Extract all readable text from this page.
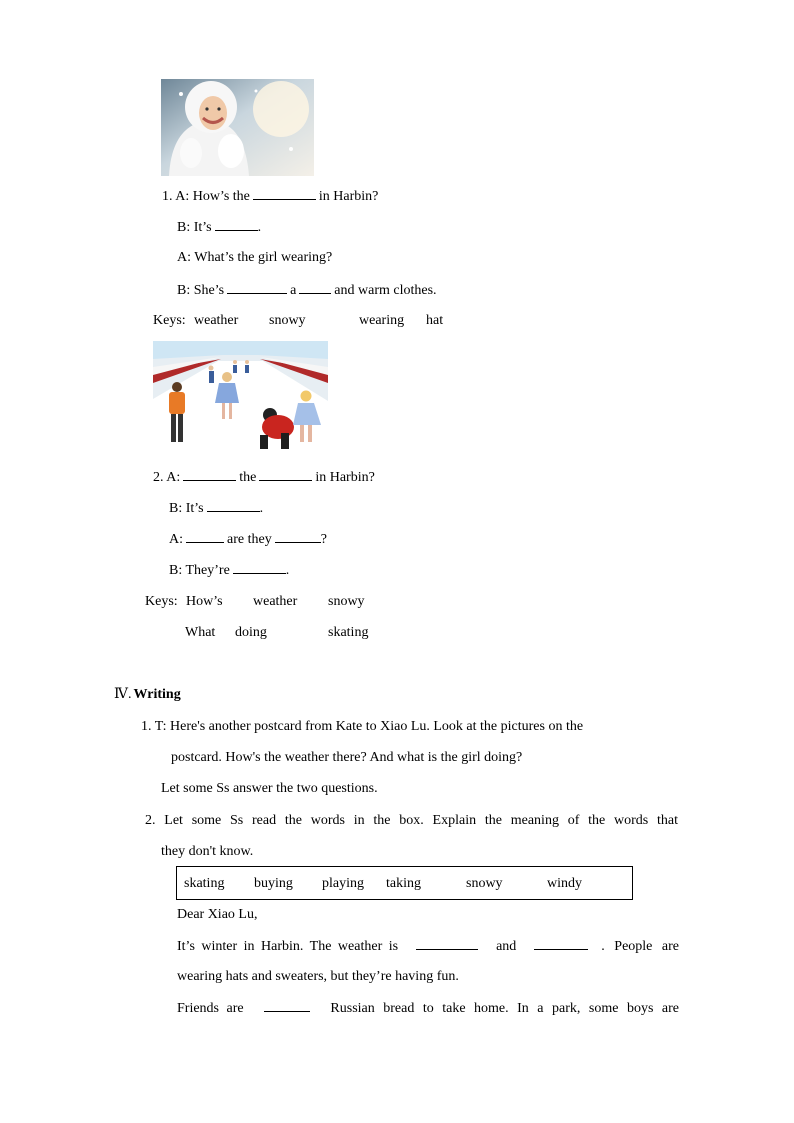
1. A: How’s the	in Harbin?
B: It’s	.
A: What’s the girl wearing?
B: She’s	a	and warm clothes.
Keys: weather snowy	wearing hat
2. A:	the	in Harbin?
B: It’s	.
A:	are they	?
B: They’re	.
Keys: How’s weather snowy
What doing	skating
Ⅳ. Writing
1. T: Here's another postcard from Kate to Xiao Lu. Look at the pictures on the
postcard. How's the weather there? And what is the girl doing?
Let some Ss answer the two questions.
2. Let some Ss read the words in the box. Explain the meaning of the words that
they don't know.
skating buying playing taking	snowy	windy
Dear Xiao Lu,
It’s winter in Harbin. The weather is	and	. People are
wearing hats and sweaters, but they’re having fun.
Friends are	Russian bread to take home. In a park, some boys are
